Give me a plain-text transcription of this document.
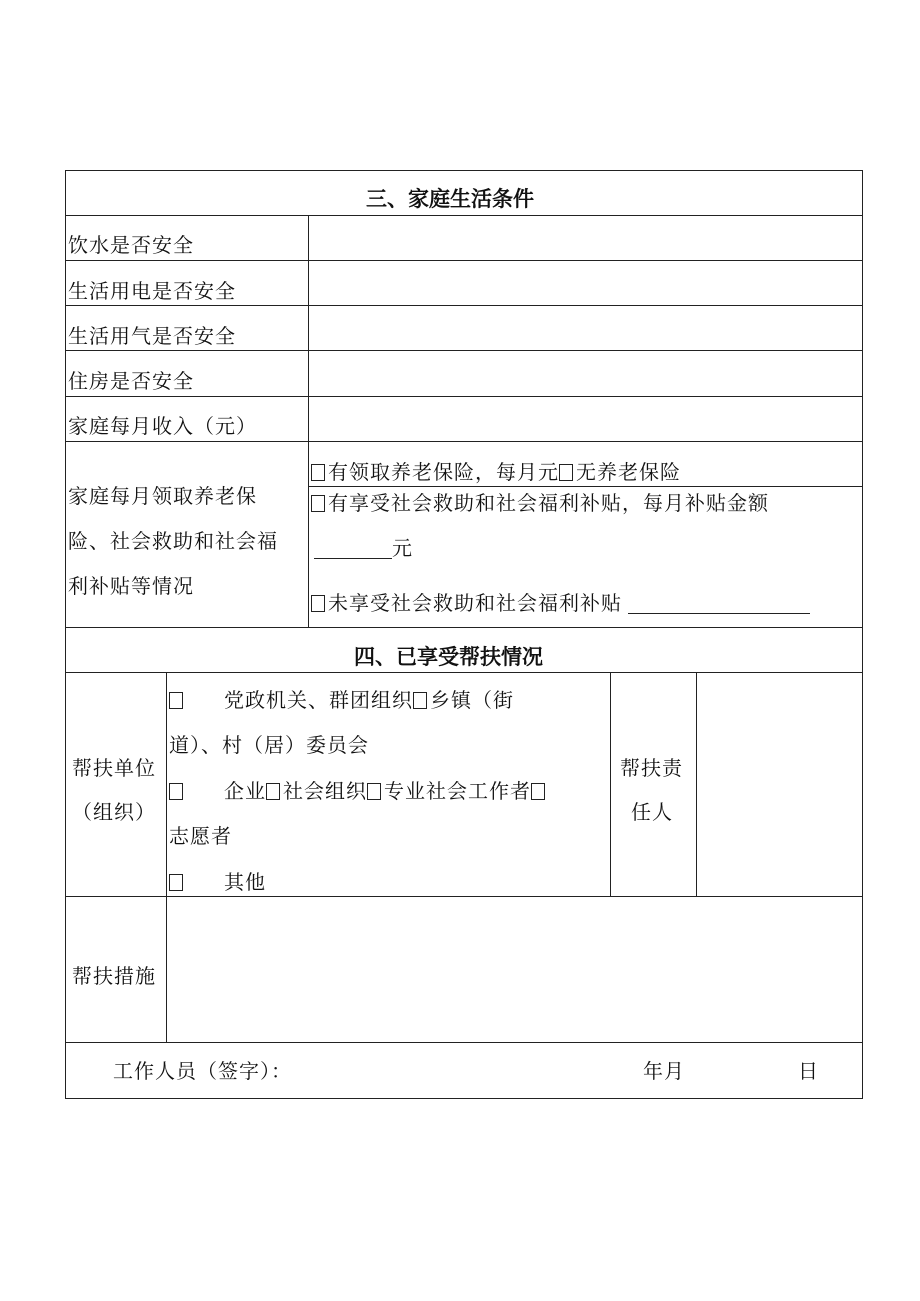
三、家庭生活条件
饮水是否安全
生活用电是否安全
生活用气是否安全
住房是否安全
家庭每月收入（元）
家庭每月领取养老保
险、社会救助和社会福
利补贴等情况
有领取养老保险，每月元 无养老保险
有享受社会救助和社会福利补贴，每月补贴金额
元
未享受社会救助和社会福利补贴
四、已享受帮扶情况
帮扶单位
（组织）
党政机关、群团组织 乡镇（街
道）、村（居）委员会
企业 社会组织 专业社会工作者
志愿者
其他
帮扶责
任人
帮扶措施
工作人员（签字）：	年月	日
